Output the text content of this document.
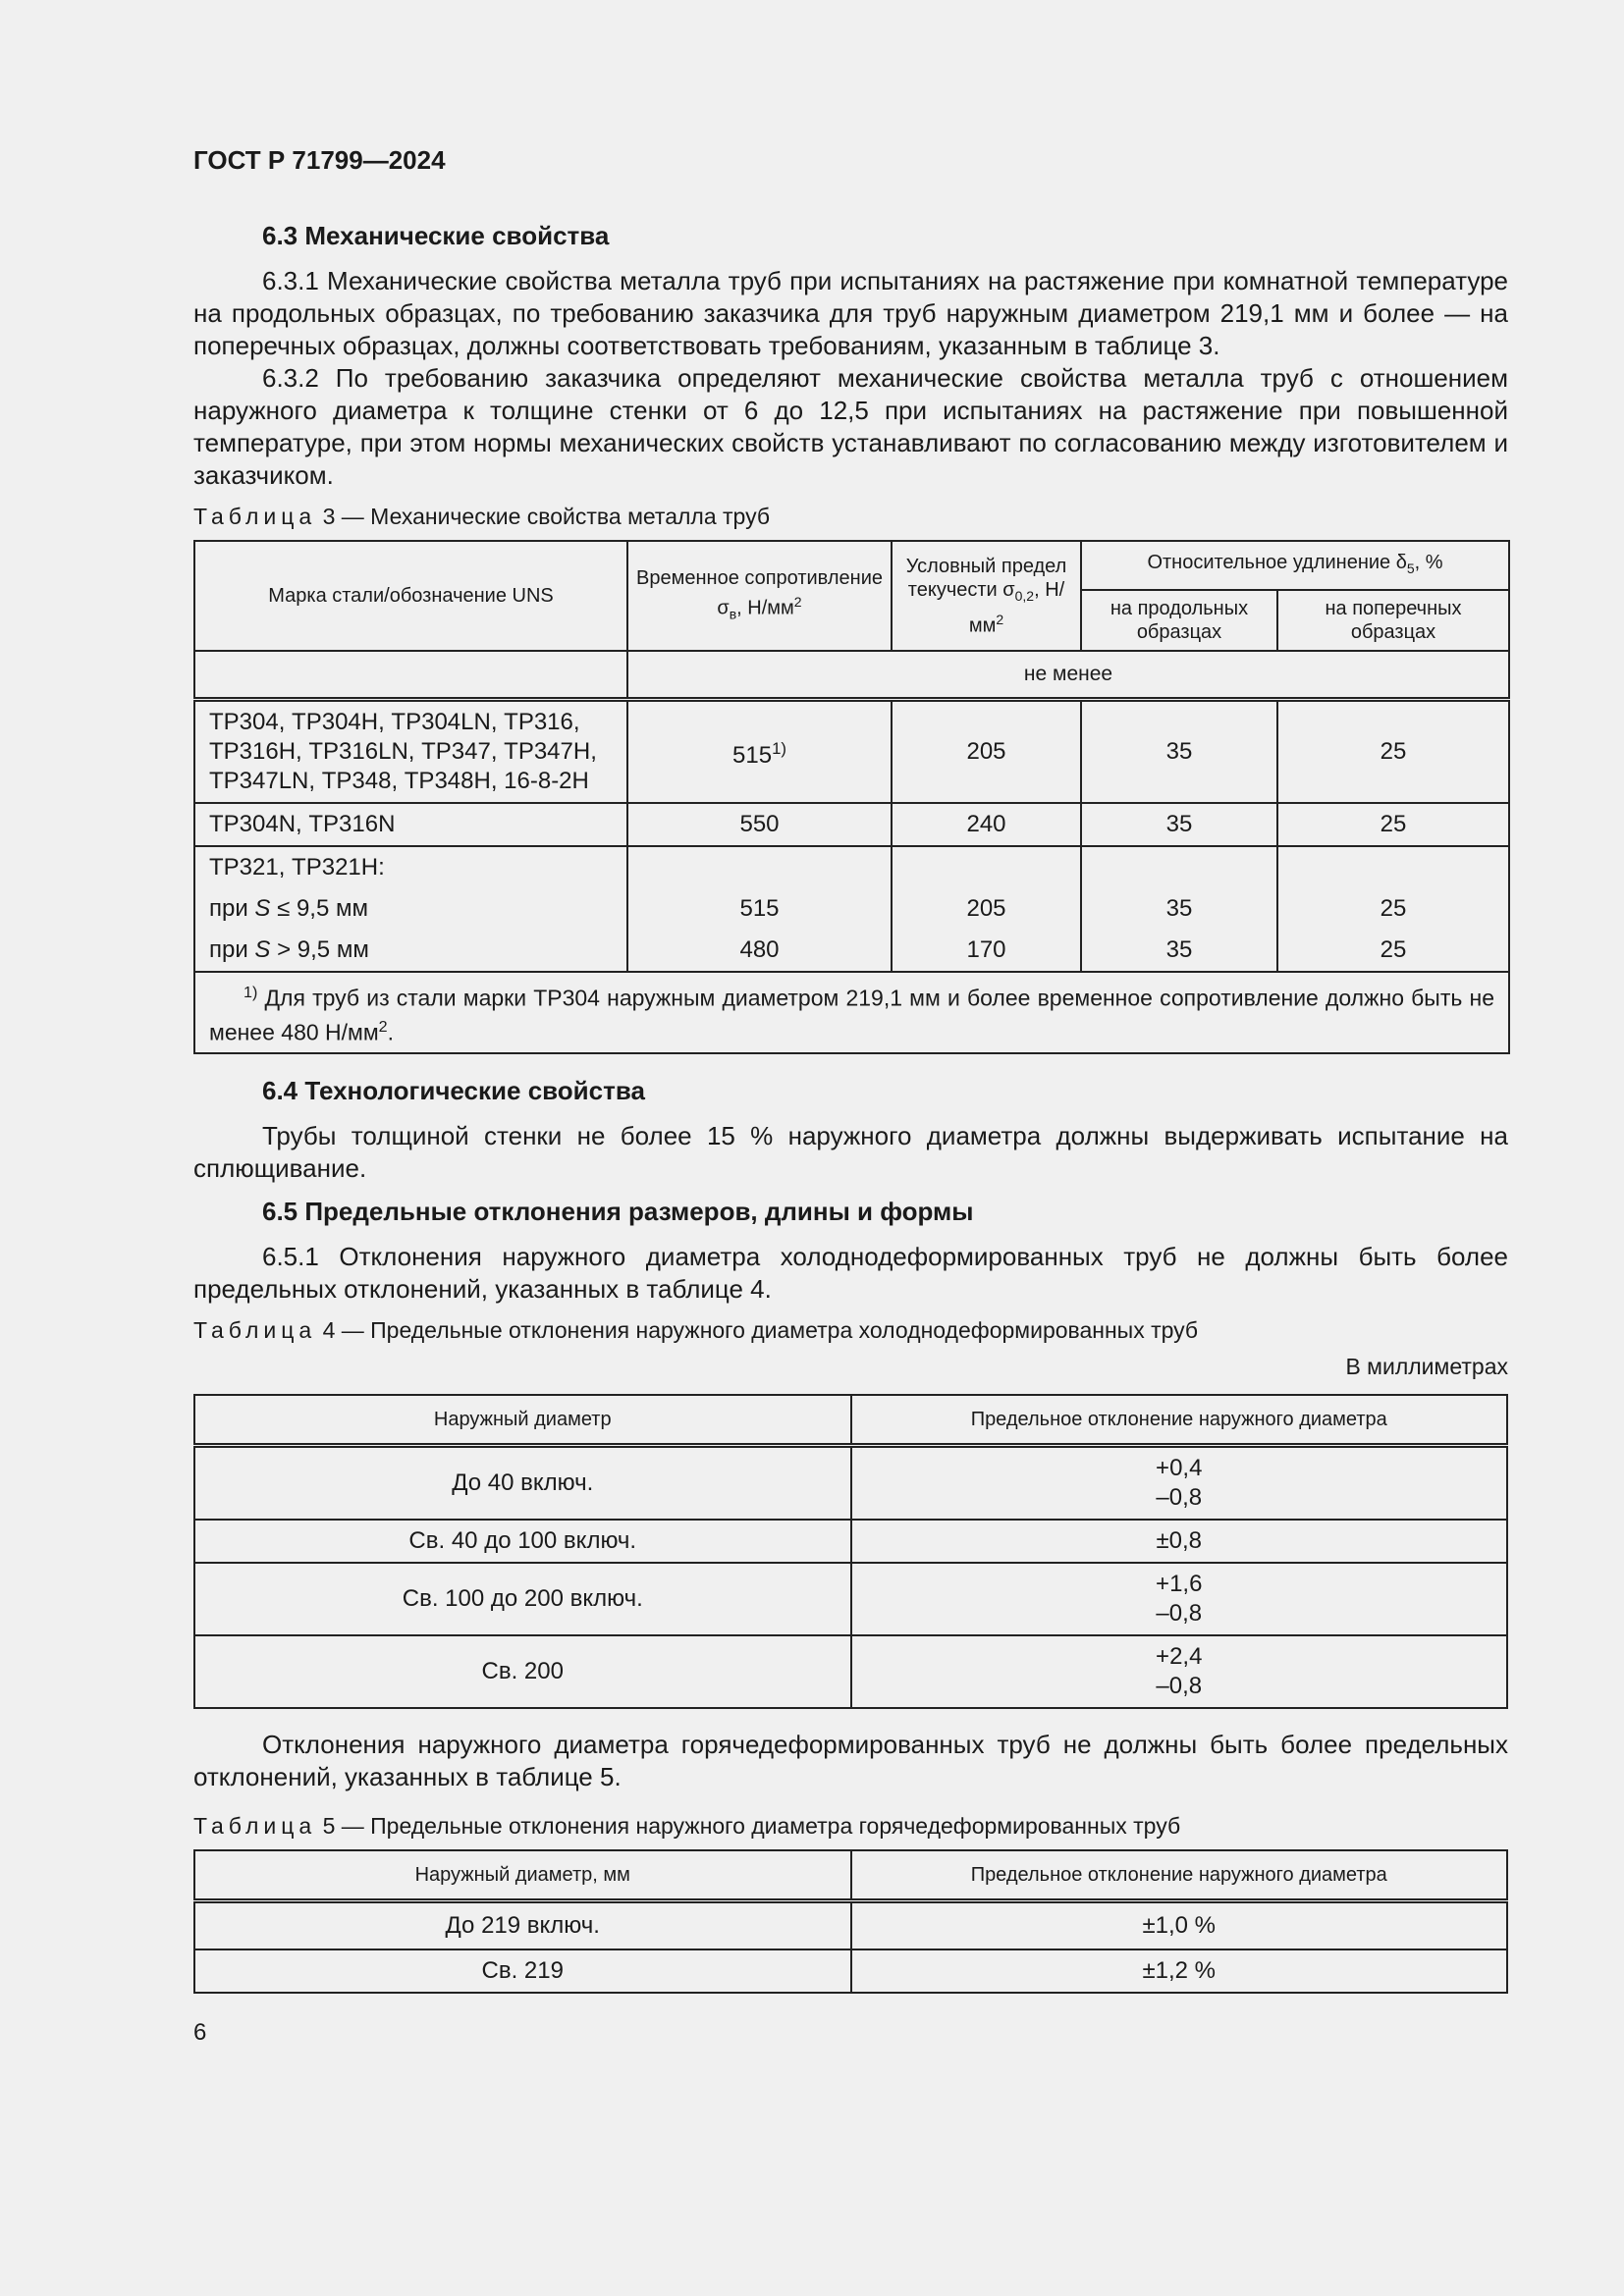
ГОСТ Р 71799—2024
6.3 Механические свойства

6.3.1 Механические свойства металла труб при испытаниях на растяжение при комнатной температуре на продольных образцах, по требованию заказчика для труб наружным диаметром 219,1 мм и более — на поперечных образцах, должны соответствовать требованиям, указанным в таблице 3.

6.3.2 По требованию заказчика определяют механические свойства металла труб с отношением наружного диаметра к толщине стенки от 6 до 12,5 при испытаниях на растяжение при повышенной температуре, при этом нормы механических свойств устанавливают по согласованию между изготовителем и заказчиком.

Таблица 3 — Механические свойства металла труб
Марка стали/обозначение UNS	Временное сопротивление $\sigma_в$, $Н/мм^2$	Условный предел текучести $\sigma_{0,2}$, $Н/мм^2$	Относительное удлинение $\delta_5$, %	
			на продольных образцах	на поперечных образцах
	не менее			
ТР304, ТР304Н, ТР304LN, ТР316, ТР316Н, ТР316LN, ТР347, ТР347Н, ТР347LN, ТР348, ТР348Н, 16-8-2Н	515$^{1)}$	205	35	25
ТР304N, ТР316N	550	240	35	25
ТР321, ТР321Н:				
при S ≤ 9,5 мм	515	205	35	25
при S > 9,5 мм	480	170	35	25
$^{1)}$ Для труб из стали марки ТР304 наружным диаметром 219,1 мм и более временное сопротивление должно быть не менее 480 $Н/мм^2$.				
6.4 Технологические свойства

Трубы толщиной стенки не более 15 % наружного диаметра должны выдерживать испытание на сплющивание.

6.5 Предельные отклонения размеров, длины и формы

6.5.1 Отклонения наружного диаметра холоднодеформированных труб не должны быть более предельных отклонений, указанных в таблице 4.

Таблица 4 — Предельные отклонения наружного диаметра холоднодеформированных труб
В миллиметрах
Наружный диаметр	Предельное отклонение наружного диаметра
До 40 включ.	+0,4
–0,8

Св. 40 до 100 включ.	±0,8
Св. 100 до 200 включ.	+1,6
–0,8

Св. 200	+2,4
–0,8

Отклонения наружного диаметра горячедеформированных труб не должны быть более предельных отклонений, указанных в таблице 5.

Таблица 5 — Предельные отклонения наружного диаметра горячедеформированных труб
Наружный диаметр, мм	Предельное отклонение наружного диаметра
До 219 включ.	±1,0 %
Св. 219	±1,2 %
6
